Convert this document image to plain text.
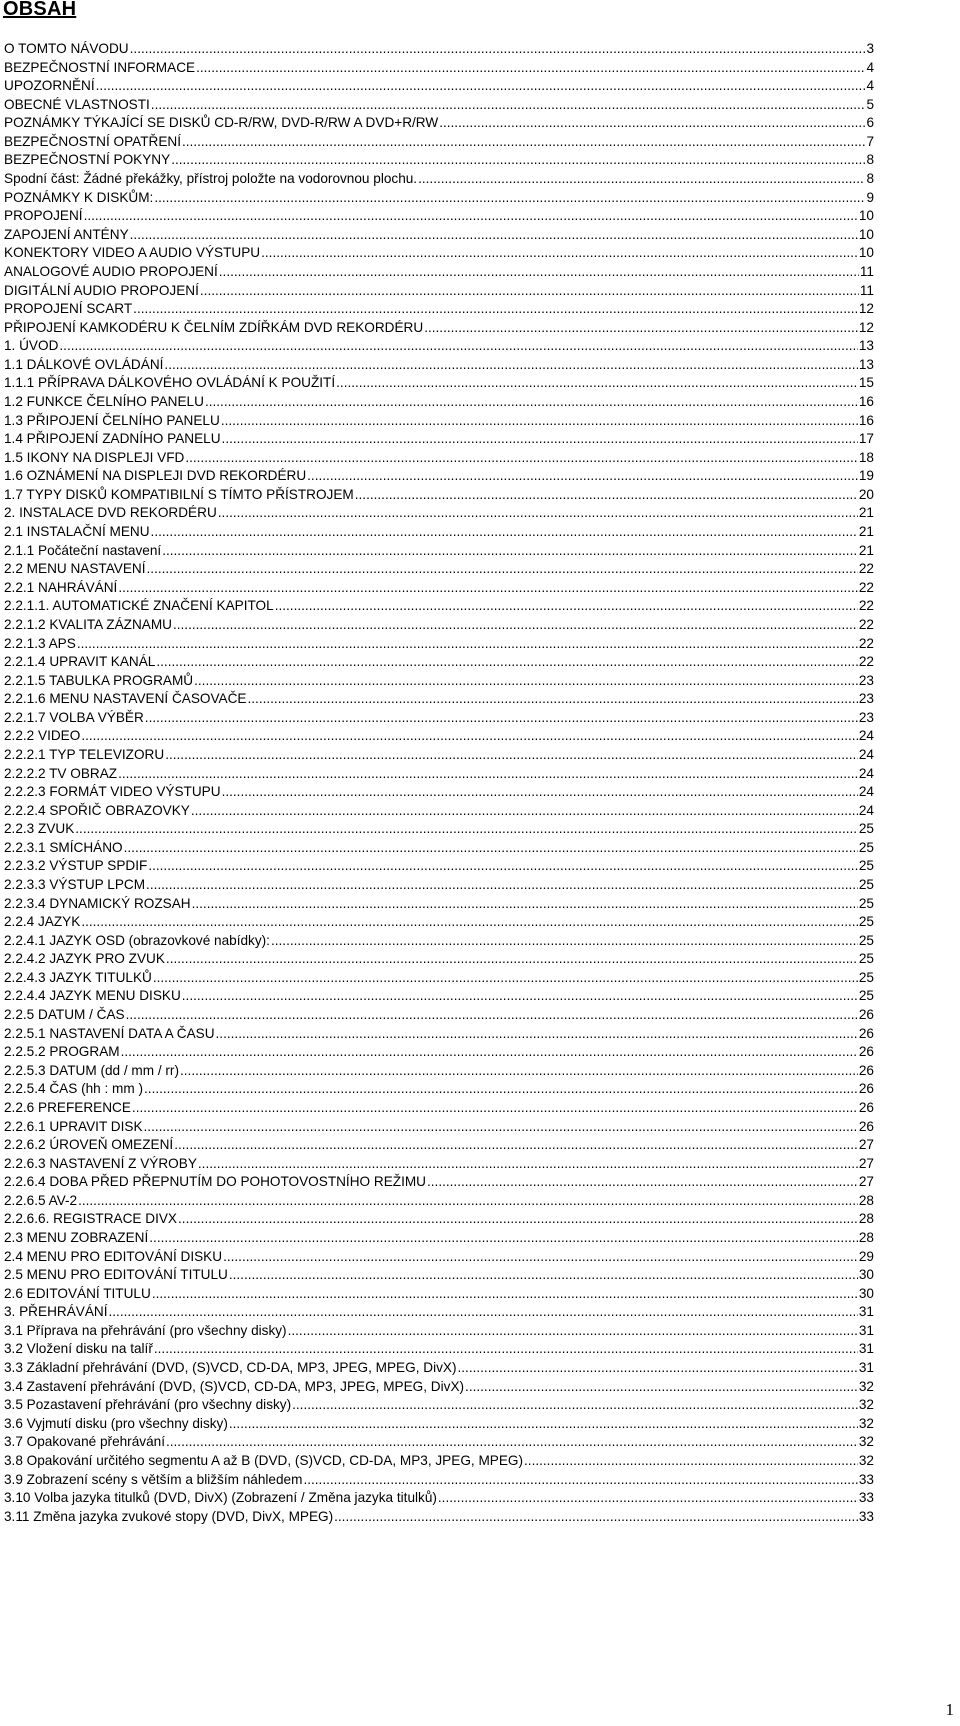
OBSAH
O TOMTO NÁVODU .....	3
BEZPEČNOSTNÍ INFORMACE .....	4
UPOZORNĚNÍ .....	4
OBECNÉ VLASTNOSTI .....	5
POZNÁMKY TÝKAJÍCÍ SE DISKŮ CD-R/RW, DVD-R/RW A DVD+R/RW .....	6
BEZPEČNOSTNÍ OPATŘENÍ .....	7
BEZPEČNOSTNÍ POKYNY .....	8
Spodní část: Žádné překážky, přístroj položte na vodorovnou plochu. .....	8
POZNÁMKY K DISKŮM: .....	9
PROPOJENÍ .....	10
ZAPOJENÍ ANTÉNY .....	10
KONEKTORY VIDEO A AUDIO VÝSTUPU .....	10
ANALOGOVÉ AUDIO PROPOJENÍ .....	11
DIGITÁLNÍ AUDIO PROPOJENÍ .....	11
PROPOJENÍ SCART .....	12
PŘIPOJENÍ KAMKODÉRU K ČELNÍM ZDÍŘKÁM DVD REKORDÉRU .....	12
1. ÚVOD .....	13
1.1 DÁLKOVÉ OVLÁDÁNÍ .....	13
1.1.1 PŘÍPRAVA DÁLKOVÉHO OVLÁDÁNÍ K POUŽITÍ .....	15
1.2 FUNKCE ČELNÍHO PANELU .....	16
1.3 PŘIPOJENÍ ČELNÍHO PANELU .....	16
1.4 PŘIPOJENÍ ZADNÍHO PANELU .....	17
1.5 IKONY NA DISPLEJI VFD .....	18
1.6 OZNÁMENÍ NA DISPLEJI DVD REKORDÉRU .....	19
1.7 TYPY DISKŮ KOMPATIBILNÍ S TÍMTO PŘÍSTROJEM .....	20
2. INSTALACE DVD REKORDÉRU .....	21
2.1 INSTALAČNÍ MENU .....	21
2.1.1 Počáteční nastavení .....	21
2.2 MENU NASTAVENÍ .....	22
2.2.1 NAHRÁVÁNÍ .....	22
2.2.1.1. AUTOMATICKÉ ZNAČENÍ KAPITOL .....	22
2.2.1.2 KVALITA ZÁZNAMU .....	22
2.2.1.3 APS .....	22
2.2.1.4 UPRAVIT KANÁL .....	22
2.2.1.5 TABULKA PROGRAMŮ .....	23
2.2.1.6 MENU NASTAVENÍ ČASOVAČE .....	23
2.2.1.7 VOLBA VÝBĚR .....	23
2.2.2 VIDEO .....	24
2.2.2.1 TYP TELEVIZORU .....	24
2.2.2.2 TV OBRAZ .....	24
2.2.2.3 FORMÁT VIDEO VÝSTUPU .....	24
2.2.2.4 SPOŘIČ OBRAZOVKY .....	24
2.2.3 ZVUK .....	25
2.2.3.1 SMÍCHÁNO .....	25
2.2.3.2 VÝSTUP SPDIF .....	25
2.2.3.3 VÝSTUP LPCM .....	25
2.2.3.4 DYNAMICKÝ ROZSAH .....	25
2.2.4 JAZYK .....	25
2.2.4.1 JAZYK OSD (obrazovkové nabídky): .....	25
2.2.4.2 JAZYK PRO ZVUK .....	25
2.2.4.3 JAZYK TITULKŮ .....	25
2.2.4.4 JAZYK MENU DISKU .....	25
2.2.5 DATUM / ČAS .....	26
2.2.5.1 NASTAVENÍ DATA A ČASU .....	26
2.2.5.2 PROGRAM .....	26
2.2.5.3 DATUM (dd / mm / rr) .....	26
2.2.5.4 ČAS (hh : mm ) .....	26
2.2.6 PREFERENCE .....	26
2.2.6.1 UPRAVIT DISK .....	26
2.2.6.2 ÚROVEŇ OMEZENÍ .....	27
2.2.6.3 NASTAVENÍ Z VÝROBY .....	27
2.2.6.4 DOBA PŘED PŘEPNUTÍM DO POHOTOVOSTNÍHO REŽIMU .....	27
2.2.6.5 AV-2 .....	28
2.2.6.6. REGISTRACE DIVX .....	28
2.3 MENU ZOBRAZENÍ .....	28
2.4 MENU PRO EDITOVÁNÍ DISKU .....	29
2.5 MENU PRO EDITOVÁNÍ TITULU .....	30
2.6 EDITOVÁNÍ TITULU .....	30
3. PŘEHRÁVÁNÍ .....	31
3.1 Příprava na přehrávání (pro všechny disky) .....	31
3.2 Vložení disku na talíř .....	31
3.3 Základní přehrávání (DVD, (S)VCD, CD-DA, MP3, JPEG, MPEG, DivX) .....	31
3.4 Zastavení přehrávání (DVD, (S)VCD, CD-DA, MP3, JPEG, MPEG, DivX) .....	32
3.5 Pozastavení přehrávání (pro všechny disky) .....	32
3.6 Vyjmutí disku (pro všechny disky) .....	32
3.7 Opakované přehrávání .....	32
3.8 Opakování určitého segmentu A až B (DVD, (S)VCD, CD-DA, MP3, JPEG, MPEG) .....	32
3.9 Zobrazení scény s větším a bližším náhledem .....	33
3.10 Volba jazyka titulků (DVD, DivX) (Zobrazení / Změna jazyka titulků) .....	33
3.11 Změna jazyka zvukové stopy (DVD, DivX, MPEG) .....	33
1
